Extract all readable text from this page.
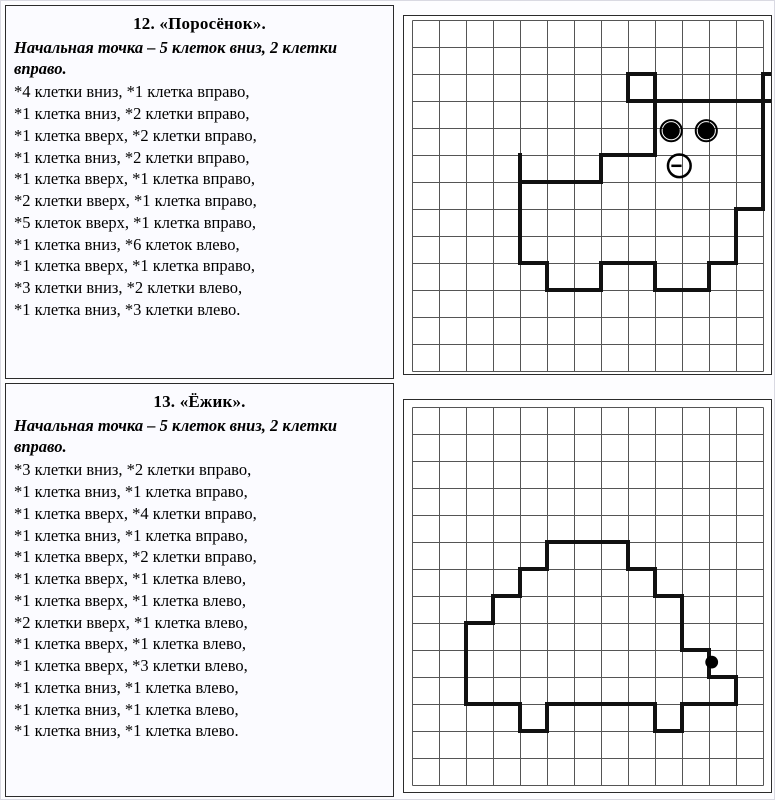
12. «Поросёнок».
Начальная точка – 5 клеток вниз, 2 клетки вправо.
*4 клетки вниз, *1 клетка вправо,
*1 клетка вниз, *2 клетки вправо,
*1 клетка вверх, *2 клетки вправо,
*1 клетка вниз, *2 клетки вправо,
*1 клетка вверх, *1 клетка вправо,
*2 клетки вверх, *1 клетка вправо,
*5 клеток вверх, *1 клетка вправо,
*1 клетка вниз, *6 клеток влево,
*1 клетка вверх, *1 клетка вправо,
*3 клетки вниз, *2 клетки влево,
*1 клетка вниз, *3 клетки влево.
13. «Ёжик».
Начальная точка – 5 клеток вниз, 2 клетки вправо.
*3 клетки вниз, *2 клетки вправо,
*1 клетка вниз, *1 клетка вправо,
*1 клетка вверх, *4 клетки вправо,
*1 клетка вниз, *1 клетка вправо,
*1 клетка вверх, *2 клетки вправо,
*1 клетка вверх, *1 клетка влево,
*1 клетка вверх, *1 клетка влево,
*2 клетки вверх, *1 клетка влево,
*1 клетка вверх, *1 клетка влево,
*1 клетка вверх, *3 клетки влево,
*1 клетка вниз, *1 клетка влево,
*1 клетка вниз, *1 клетка влево,
*1 клетка вниз, *1 клетка влево.
